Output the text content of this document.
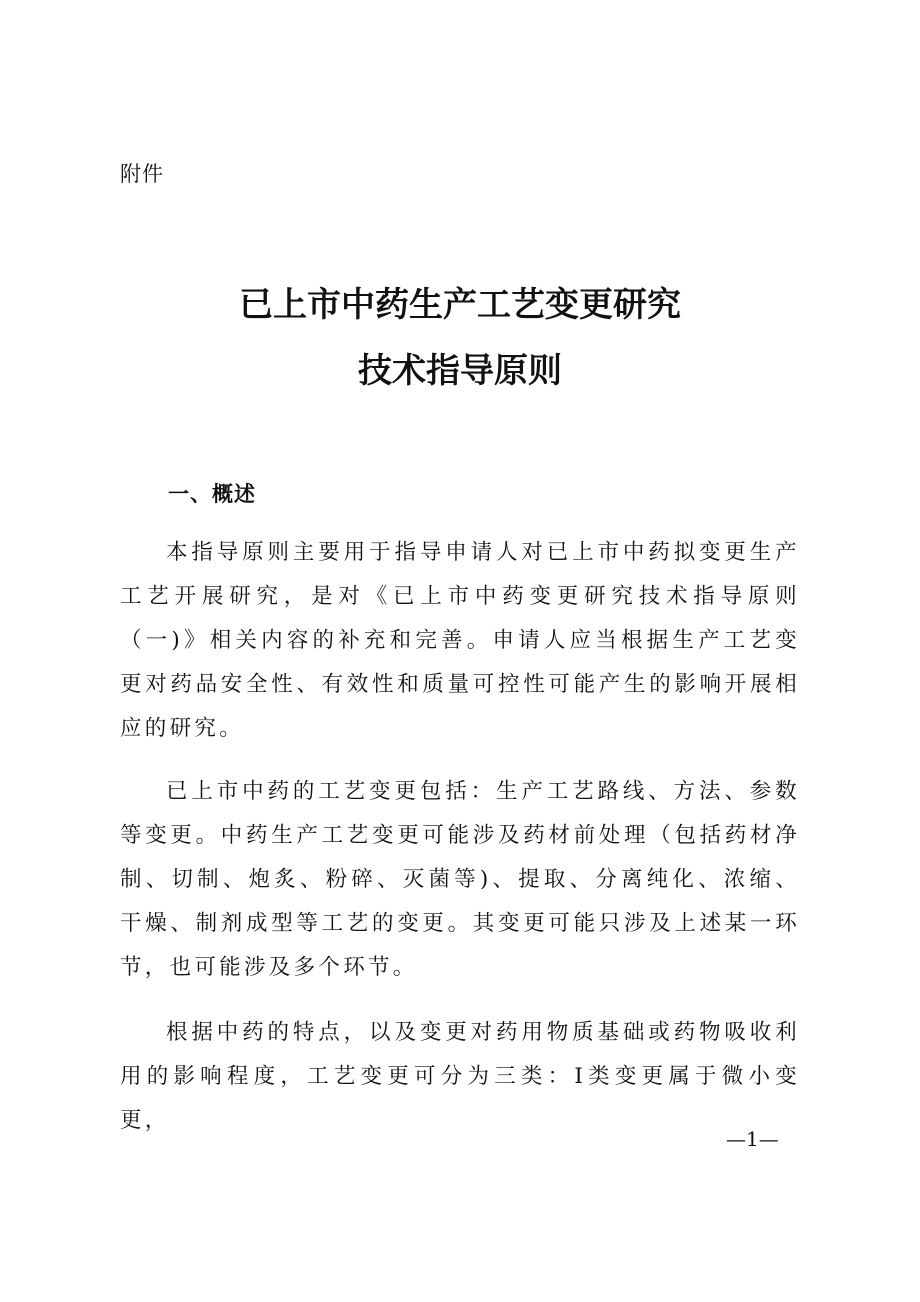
附件
已上市中药生产工艺变更研究
技术指导原则
一、概述

本指导原则主要用于指导申请人对已上市中药拟变更生产工艺开展研究，是对《已上市中药变更研究技术指导原则（一)》相关内容的补充和完善。申请人应当根据生产工艺变更对药品安全性、有效性和质量可控性可能产生的影响开展相应的研究。

已上市中药的工艺变更包括：生产工艺路线、方法、参数等变更。中药生产工艺变更可能涉及药材前处理（包括药材净制、切制、炮炙、粉碎、灭菌等)、提取、分离纯化、浓缩、干燥、制剂成型等工艺的变更。其变更可能只涉及上述某一环节，也可能涉及多个环节。

根据中药的特点，以及变更对药用物质基础或药物吸收利用的影响程度，工艺变更可分为三类：I类变更属于微小变更，

—1—
